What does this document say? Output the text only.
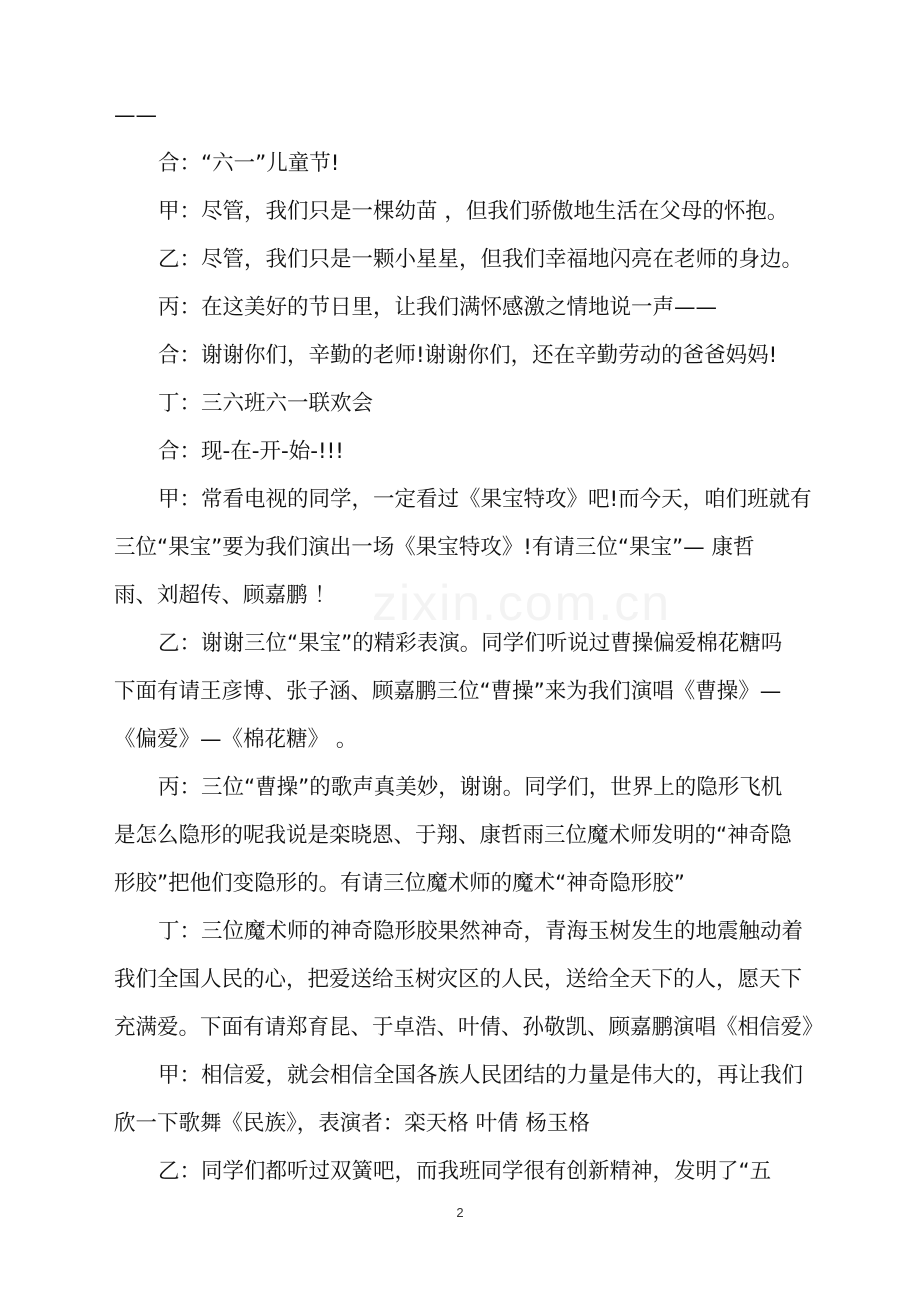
——
合：“六一”儿童节!
甲：尽管，我们只是一棵幼苗 ，但我们骄傲地生活在父母的怀抱。
乙：尽管，我们只是一颗小星星，但我们幸福地闪亮在老师的身边。
丙：在这美好的节日里，让我们满怀感激之情地说一声——
合：谢谢你们，辛勤的老师!谢谢你们，还在辛勤劳动的爸爸妈妈!
丁：三六班六一联欢会
合：现-在-开-始-!!!
甲：常看电视的同学，一定看过《果宝特攻》吧!而今天，咱们班就有
三位“果宝”要为我们演出一场《果宝特攻》!有请三位“果宝”— 康哲
雨、刘超传、顾嘉鹏 ！
乙：谢谢三位“果宝”的精彩表演。同学们听说过曹操偏爱棉花糖吗
下面有请王彦博、张子涵、顾嘉鹏三位“曹操”来为我们演唱《曹操》—
《偏爱》—《棉花糖》 。
丙：三位“曹操”的歌声真美妙，谢谢。同学们，世界上的隐形飞机
是怎么隐形的呢我说是栾晓恩、于翔、康哲雨三位魔术师发明的“神奇隐
形胶”把他们变隐形的。有请三位魔术师的魔术“神奇隐形胶”
丁：三位魔术师的神奇隐形胶果然神奇，青海玉树发生的地震触动着
我们全国人民的心，把爱送给玉树灾区的人民，送给全天下的人，愿天下
充满爱。下面有请郑育昆、于卓浩、叶倩、孙敬凯、顾嘉鹏演唱《相信爱》
甲：相信爱，就会相信全国各族人民团结的力量是伟大的，再让我们
欣一下歌舞《民族》，表演者：栾天格 叶倩 杨玉格
乙：同学们都听过双簧吧，而我班同学很有创新精神，发明了“五
zixin.com.cn
2
